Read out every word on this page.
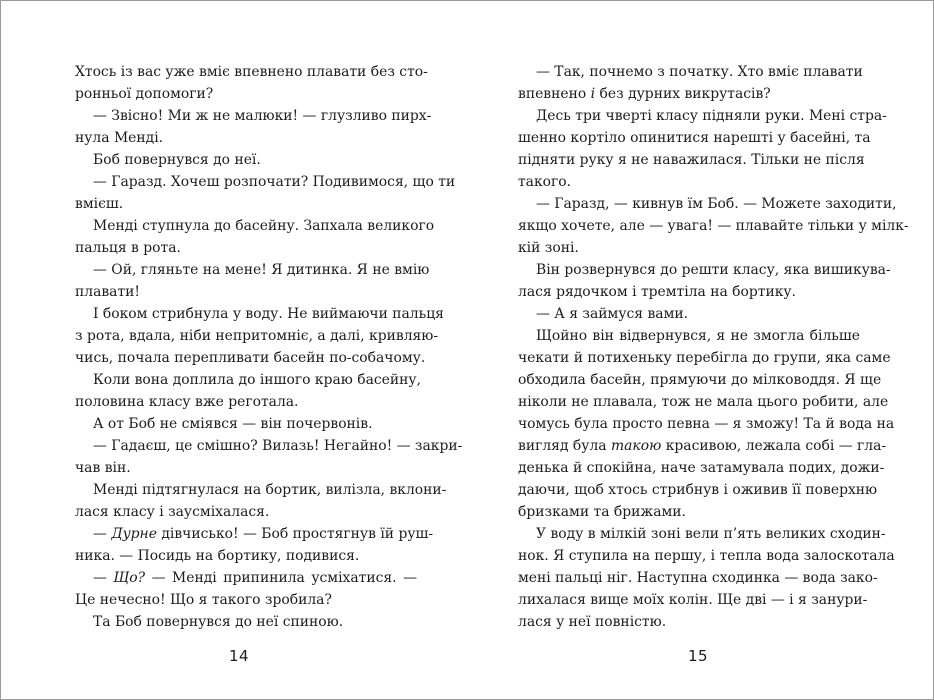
Хтось із вас уже вміє впевнено плавати без сто-
ронньої допомоги?
— Звісно! Ми ж не малюки! — глузливо пирх-
нула Менді.
Боб повернувся до неї.
— Гаразд. Хочеш розпочати? Подивимося, що ти
вмієш.
Менді ступнула до басейну. Запхала великого
пальця в рота.
— Ой, гляньте на мене! Я дитинка. Я не вмію
плавати!
І боком стрибнула у воду. Не виймаючи пальця
з рота, вдала, ніби непритомніє, а далі, кривляю-
чись, почала перепливати басейн по-собачому.
Коли вона доплила до іншого краю басейну,
половина класу вже реготала.
А от Боб не сміявся — він почервонів.
— Гадаєш, це смішно? Вилазь! Негайно! — закри-
чав він.
Менді підтягнулася на бортик, вилізла, вклони-
лася класу і заусміхалася.
— Дурне дівчисько! — Боб простягнув їй руш-
ника. — Посидь на бортику, подивися.
— Що? — Менді припинила усміхатися. —
Це нечесно! Що я такого зробила?
Та Боб повернувся до неї спиною.
— Так, почнемо з початку. Хто вміє плавати
впевнено і без дурних викрутасів?
Десь три чверті класу підняли руки. Мені стра-
шенно кортіло опинитися нарешті у басейні, та
підняти руку я не наважилася. Тільки не після
такого.
— Гаразд, — кивнув їм Боб. — Можете заходити,
якщо хочете, але — увага! — плавайте тільки у мілк-
кій зоні.
Він розвернувся до решти класу, яка вишикува-
лася рядочком і тремтіла на бортику.
— А я займуся вами.
Щойно він відвернувся, я не змогла більше
чекати й потихеньку перебігла до групи, яка саме
обходила басейн, прямуючи до мілководдя. Я ще
ніколи не плавала, тож не мала цього робити, але
чомусь була просто певна — я зможу! Та й вода на
вигляд була такою красивою, лежала собі — гла-
денька й спокійна, наче затамувала подих, дожи-
даючи, щоб хтось стрибнув і оживив її поверхню
бризками та брижами.
У воду в мілкій зоні вели п’ять великих сходин-
нок. Я ступила на першу, і тепла вода залоскотала
мені пальці ніг. Наступна сходинка — вода зако-
лихалася вище моїх колін. Ще дві — і я занури-
лася у неї повністю.
14	15
